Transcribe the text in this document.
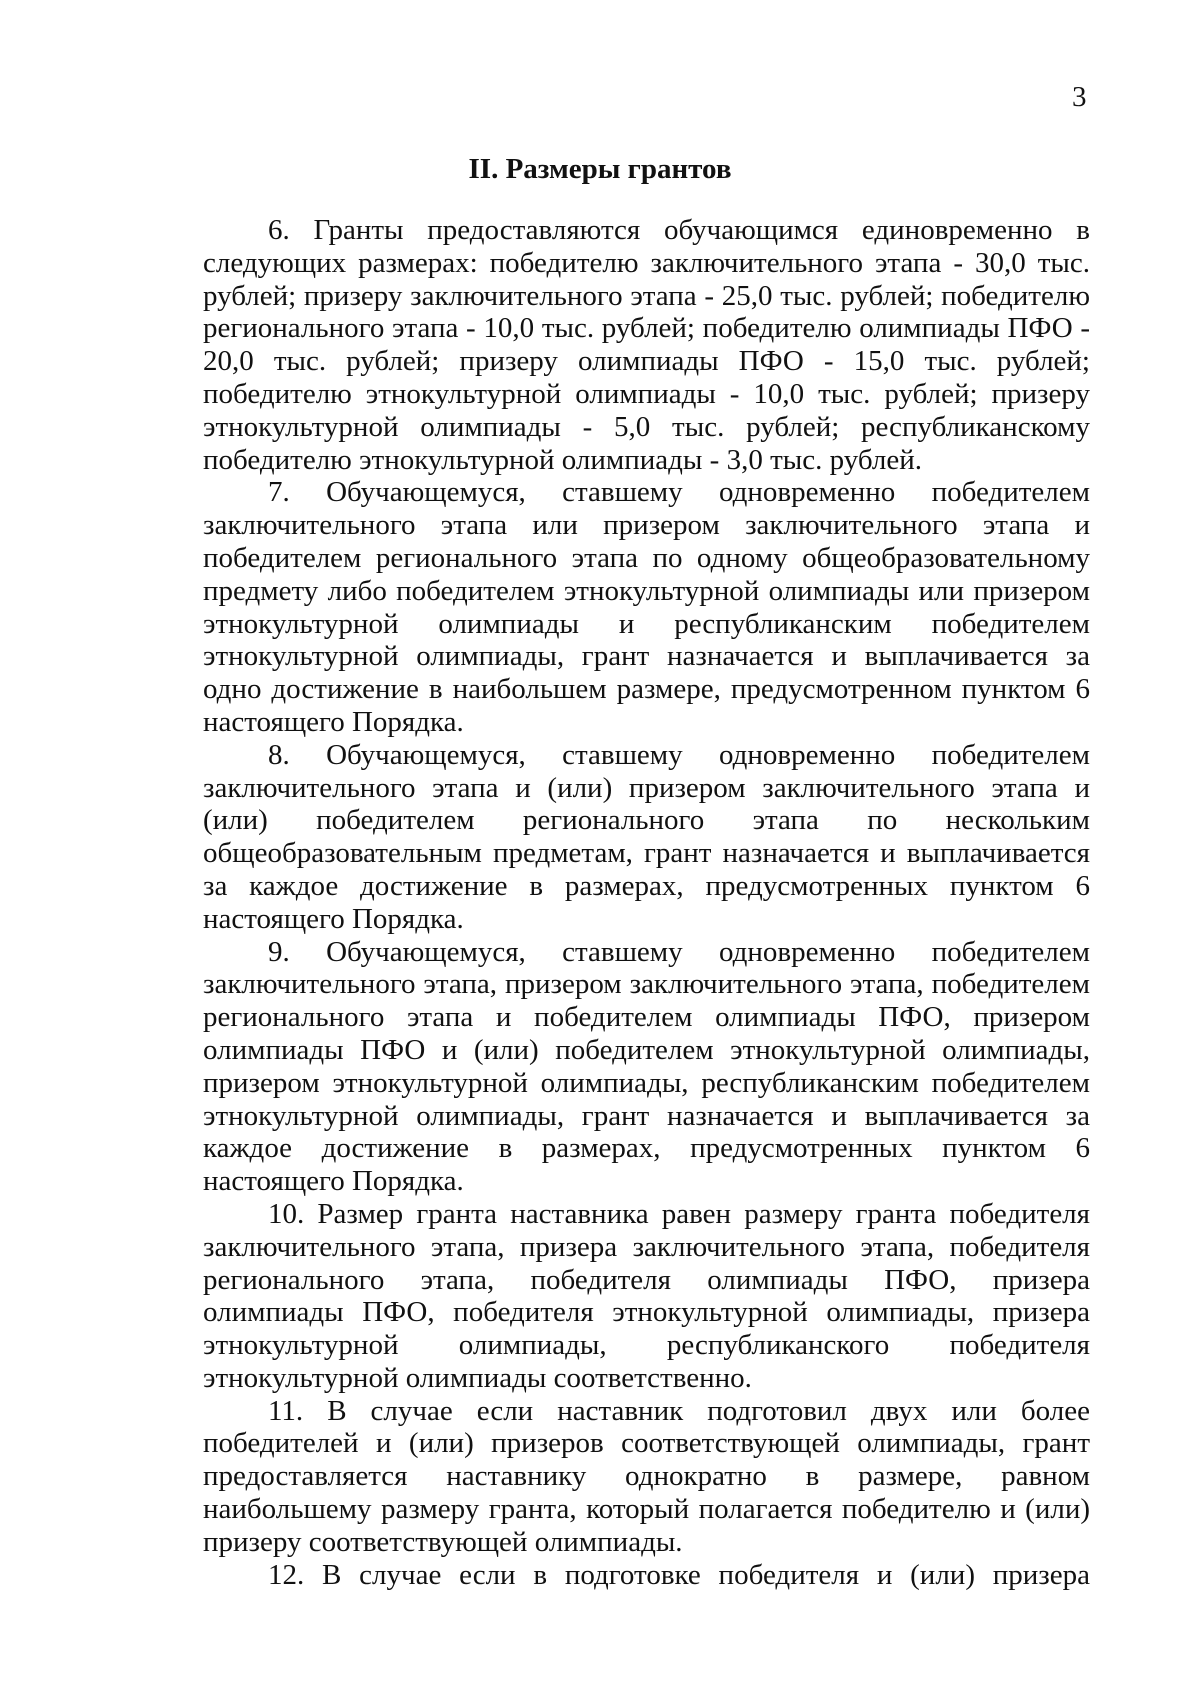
3
II. Размеры грантов

6. Гранты предоставляются обучающимся единовременно в следующих размерах: победителю заключительного этапа - 30,0 тыс. рублей; призеру заключительного этапа - 25,0 тыс. рублей; победителю регионального этапа - 10,0 тыс. рублей; победителю олимпиады ПФО - 20,0 тыс. рублей; призеру олимпиады ПФО - 15,0 тыс. рублей; победителю этнокультурной олимпиады - 10,0 тыс. рублей; призеру этнокультурной олимпиады - 5,0 тыс. рублей; республиканскому победителю этнокультурной олимпиады - 3,0 тыс. рублей.

7. Обучающемуся, ставшему одновременно победителем заключительного этапа или призером заключительного этапа и победителем регионального этапа по одному общеобразовательному предмету либо победителем этнокультурной олимпиады или призером этнокультурной олимпиады и республиканским победителем этнокультурной олимпиады, грант назначается и выплачивается за одно достижение в наибольшем размере, предусмотренном пунктом 6 настоящего Порядка.

8. Обучающемуся, ставшему одновременно победителем заключительного этапа и (или) призером заключительного этапа и (или) победителем регионального этапа по нескольким общеобразовательным предметам, грант назначается и выплачивается за каждое достижение в размерах, предусмотренных пунктом 6 настоящего Порядка.

9. Обучающемуся, ставшему одновременно победителем заключительного этапа, призером заключительного этапа, победителем регионального этапа и победителем олимпиады ПФО, призером олимпиады ПФО и (или) победителем этнокультурной олимпиады, призером этнокультурной олимпиады, республиканским победителем этнокультурной олимпиады, грант назначается и выплачивается за каждое достижение в размерах, предусмотренных пунктом 6 настоящего Порядка.

10. Размер гранта наставника равен размеру гранта победителя заключительного этапа, призера заключительного этапа, победителя регионального этапа, победителя олимпиады ПФО, призера олимпиады ПФО, победителя этнокультурной олимпиады, призера этнокультурной олимпиады, республиканского победителя этнокультурной олимпиады соответственно.

11. В случае если наставник подготовил двух или более победителей и (или) призеров соответствующей олимпиады, грант предоставляется наставнику однократно в размере, равном наибольшему размеру гранта, который полагается победителю и (или) призеру соответствующей олимпиады.

12. В случае если в подготовке победителя и (или) призера
